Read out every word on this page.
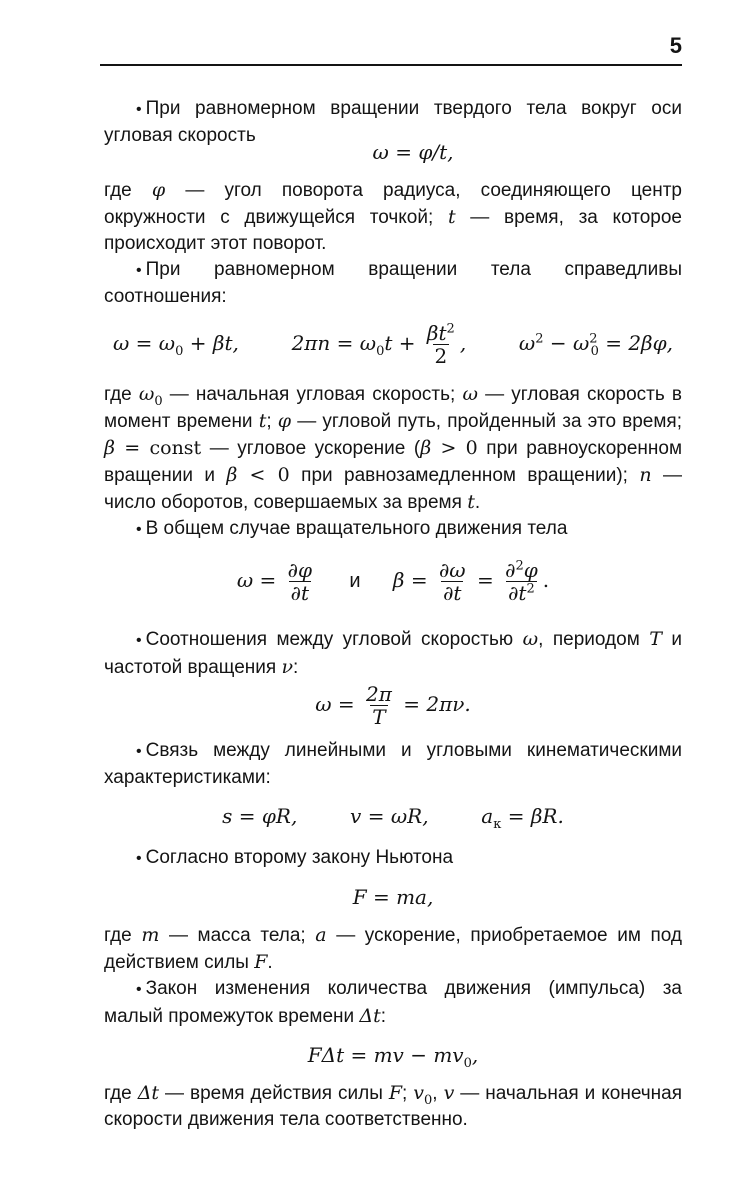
5

• При равномерном вращении твердого тела вокруг оси угловая скорость

ω = φ/t,

где φ — угол поворота радиуса, соединяющего центр окружности с движущейся точкой; t — время, за которое происходит этот поворот.

• При равномерном вращении тела справедливы соотношения:

$\omega = \omega_0 + \beta t$,	$2\pi n = \omega_0t + \frac{\beta t^2}{2}$ ,	$\omega^2 - \omega^2_0 = 2\beta\varphi$,

где $\omega_0$ — начальная угловая скорость; ω — угловая скорость в момент времени t; φ — угловой путь, пройденный за это время; β = const — угловое ускорение (β > 0 при равноускоренном вращении и β < 0 при равнозамедленном вращении); n — число оборотов, совершаемых за время t.

• В общем случае вращательного движения тела

$\omega = \frac{\partial\varphi}{\partial t}$ и $\beta = \frac{\partial\omega}{\partial t} = \frac{\partial^2\varphi}{\partial t^2}$ .

• Соотношения между угловой скоростью ω, периодом T и частотой вращения ν:

$\omega = \frac{2\pi}{T} = 2\pi\nu$.

• Связь между линейными и угловыми кинематическими характеристиками:

s = φR,	v = ωR,	$a_к = \beta R$.

• Согласно второму закону Ньютона

F = ma,

где m — масса тела; a — ускорение, приобретаемое им под действием силы F.

• Закон изменения количества движения (импульса) за малый промежуток времени Δt:

FΔt = mv − $mv_0$,

где Δt — время действия силы F; $v_0$, v — начальная и конечная скорости движения тела соответственно.
